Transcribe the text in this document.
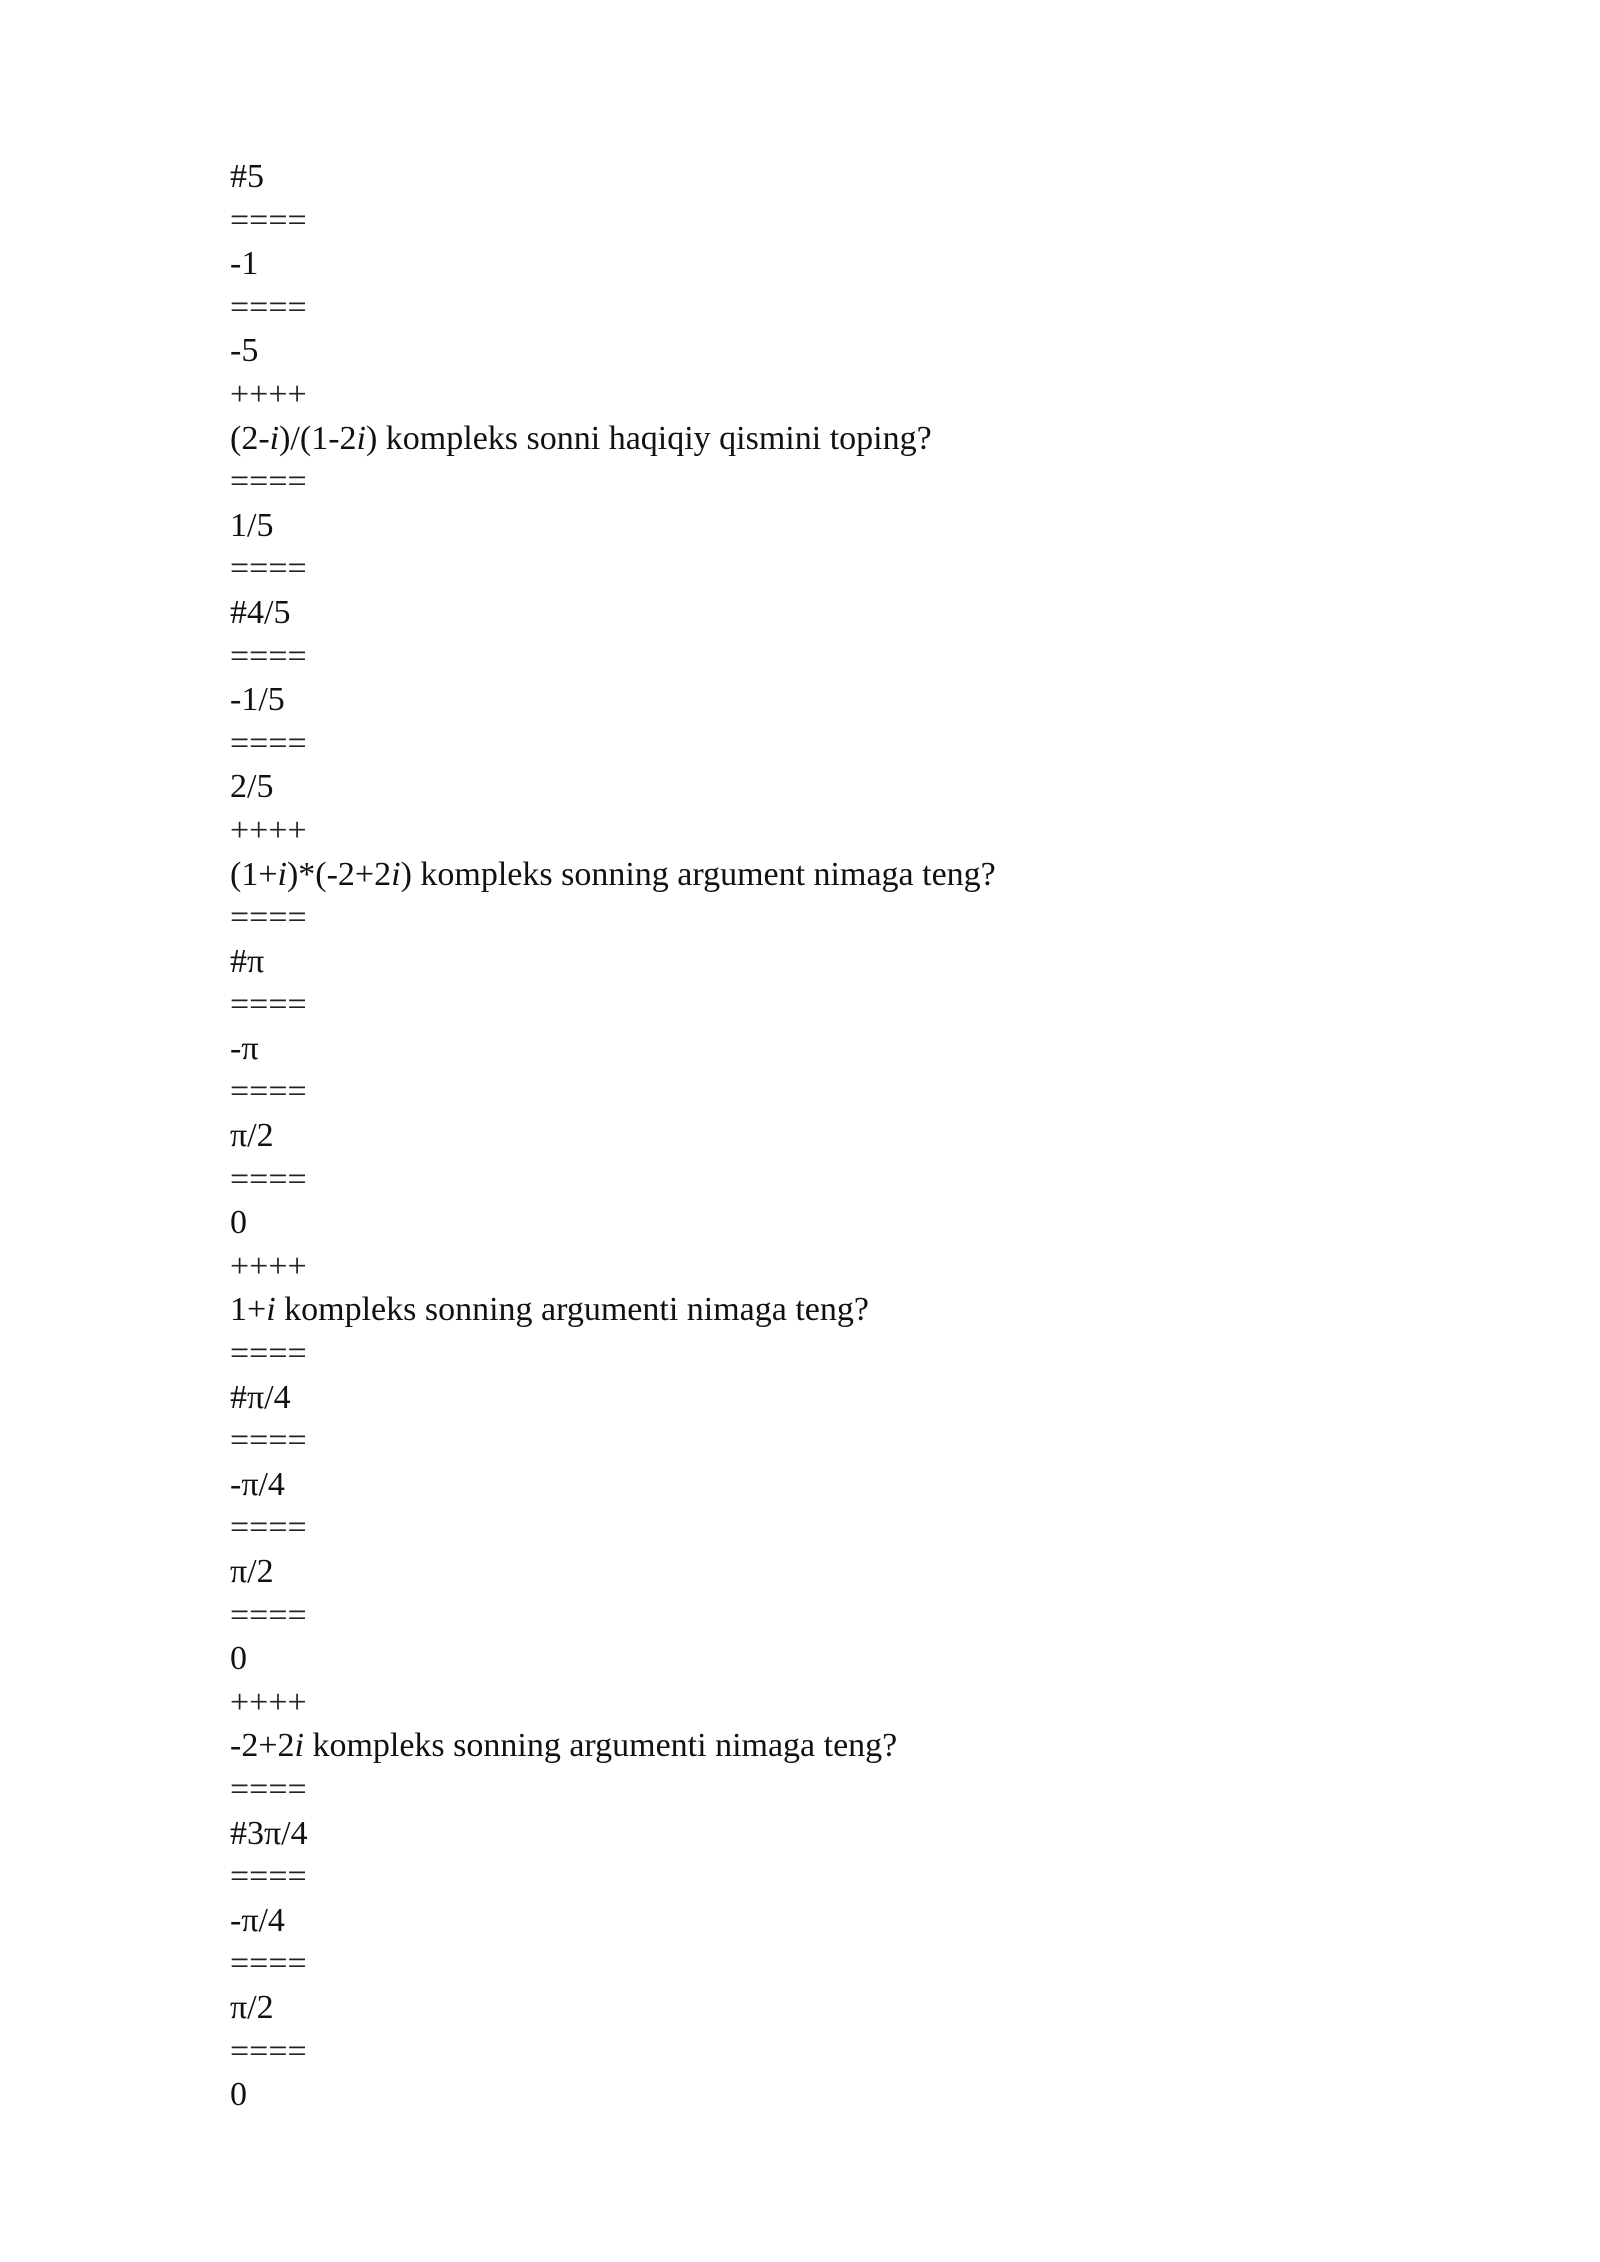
#5
====
-1
====
-5
++++
(2-i)/(1-2i) kompleks sonni haqiqiy qismini toping?
====
1/5
====
#4/5
====
-1/5
====
2/5
++++
(1+i)*(-2+2i) kompleks sonning argument nimaga teng?
====
#π
====
-π
====
π/2
====
0
++++
1+i kompleks sonning argumenti nimaga teng?
====
#π/4
====
-π/4
====
π/2
====
0
++++
-2+2i kompleks sonning argumenti nimaga teng?
====
#3π/4
====
-π/4
====
π/2
====
0
